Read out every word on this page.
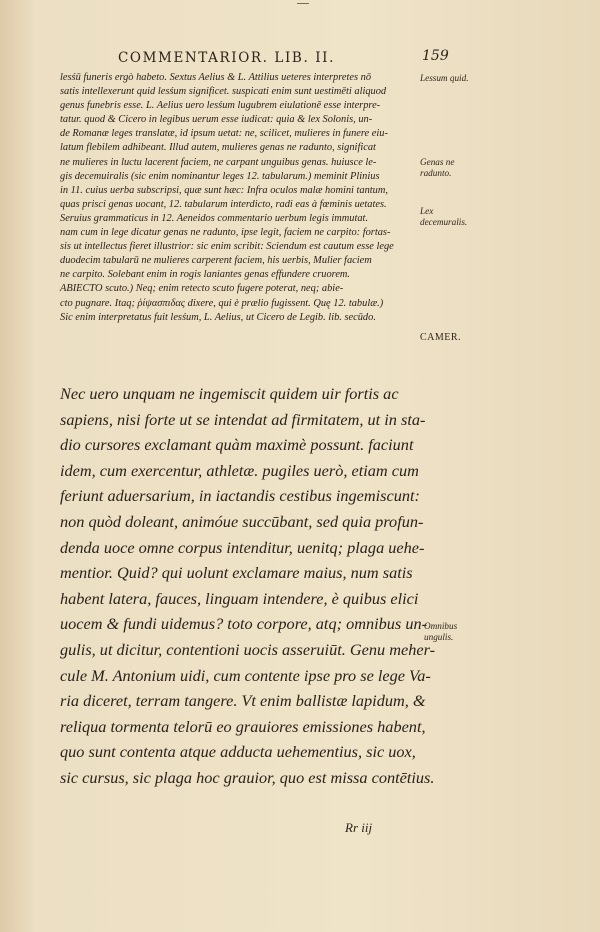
COMMENTARIOR. LIB. II.	159
lesśū funeris ergò habeto. Sextus Aelius & L. Attilius ueteres interpretes nō
satis intellexerunt quid lesśum significet. suspicati enim sunt uestimēti aliquod
genus funebris esse. L. Aelius uero lesśum lugubrem eiulationē esse interpre-
tatur. quod & Cicero in legibus uerum esse iudicat: quia & lex Solonis, un-
de Romanæ leges translatæ, id ipsum uetat: ne, scilicet, mulieres in funere eiu-
latum flebilem adhibeant. Illud autem, mulieres genas ne radunto, significat
ne mulieres in luctu lacerent faciem, ne carpant unguibus genas. huiusce le-
gis decemuiralis (sic enim nominantur leges 12. tabularum.) meminit Plinius
in 11. cuius uerba subscripsi, quæ sunt hæc: Infra oculos malæ homini tantum,
quas prisci genas uocant, 12. tabularum interdicto, radi eas à fœminis uetates.
Seruius grammaticus in 12. Aeneidos commentario uerbum legis immutat.
nam cum in lege dicatur genas ne radunto, ipse legit, faciem ne carpito: fortas-
sis ut intellectus fieret illustrior: sic enim scribit: Sciendum est cautum esse lege
duodecim tabularū ne mulieres carperent faciem, his uerbis, Mulier faciem
ne carpito. Solebant enim in rogis laniantes genas effundere cruorem.
ABIECTO scuto.) Neq; enim retecto scuto fugere poterat, neq; abie-
cto pugnare. Itaq; ῥίψασπιδας dixere, qui è prælio fugissent. Quę 12. tabulæ.)
Sic enim interpretatus fuit lesśum, L. Aelius, ut Cicero de Legib. lib. secūdo.
Lessum quid.
Genas ne radunto.
Lex decemuralis.
CAMER.
Nec uero unquam ne ingemiscit quidem uir fortis ac
sapiens, nisi forte ut se intendat ad firmitatem, ut in sta-
dio cursores exclamant quàm maximè possunt. faciunt
idem, cum exercentur, athletæ. pugiles uerò, etiam cum
feriunt aduersarium, in iactandis cestibus ingemiscunt:
non quòd doleant, animóue succūbant, sed quia profun-
denda uoce omne corpus intenditur, uenitq; plaga uehe-
mentior. Quid? qui uolunt exclamare maius, num satis
habent latera, fauces, linguam intendere, è quibus elici
uocem & fundi uidemus? toto corpore, atq; omnibus un-
gulis, ut dicitur, contentioni uocis asseruiūt. Genu meher-
cule M. Antonium uidi, cum contente ipse pro se lege Va-
ria diceret, terram tangere. Vt enim ballistæ lapidum, &
reliqua tormenta telorū eo grauiores emissiones habent,
quo sunt contenta atque adducta uehementius, sic uox,
sic cursus, sic plaga hoc grauior, quo est missa contētius.
Omnibus ungulis.
Rr iij
